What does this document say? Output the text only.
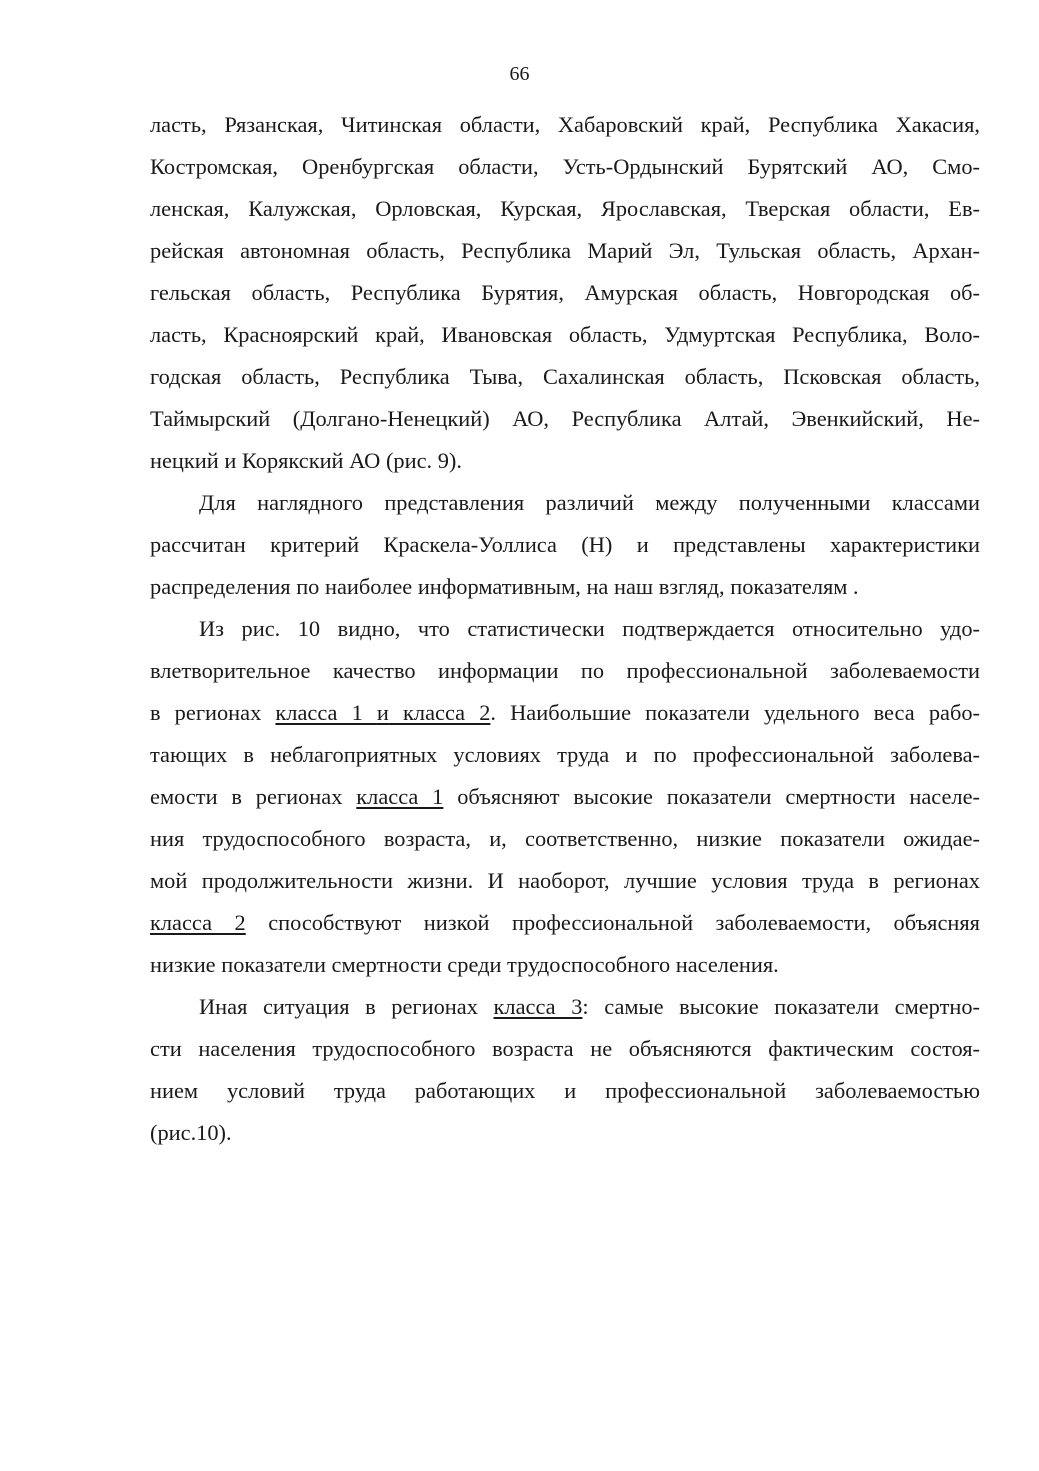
66
ласть, Рязанская, Читинская области, Хабаровский край, Республика Хакасия,
Костромская, Оренбургская области, Усть-Ордынский Бурятский АО, Смо-
ленская, Калужская, Орловская, Курская, Ярославская, Тверская области, Ев-
рейская автономная область, Республика Марий Эл, Тульская область, Архан-
гельская область, Республика Бурятия, Амурская область, Новгородская об-
ласть, Красноярский край, Ивановская область, Удмуртская Республика, Воло-
годская область, Республика Тыва, Сахалинская область, Псковская область,
Таймырский (Долгано-Ненецкий) АО, Республика Алтай, Эвенкийский, Не-
нецкий и Корякский АО (рис. 9).
Для наглядного представления различий между полученными классами
рассчитан критерий Краскела-Уоллиса (Н) и представлены характеристики
распределения по наиболее информативным, на наш взгляд, показателям .
Из рис. 10 видно, что статистически подтверждается относительно удо-
влетворительное качество информации по профессиональной заболеваемости
в регионах класса 1 и класса 2. Наибольшие показатели удельного веса рабо-
тающих в неблагоприятных условиях труда и по профессиональной заболева-
емости в регионах класса 1 объясняют высокие показатели смертности населе-
ния трудоспособного возраста, и, соответственно, низкие показатели ожидае-
мой продолжительности жизни. И наоборот, лучшие условия труда в регионах
класса 2 способствуют низкой профессиональной заболеваемости, объясняя
низкие показатели смертности среди трудоспособного населения.
Иная ситуация в регионах класса 3: самые высокие показатели смертно-
сти населения трудоспособного возраста не объясняются фактическим состоя-
нием условий труда работающих и профессиональной заболеваемостью
(рис.10).
